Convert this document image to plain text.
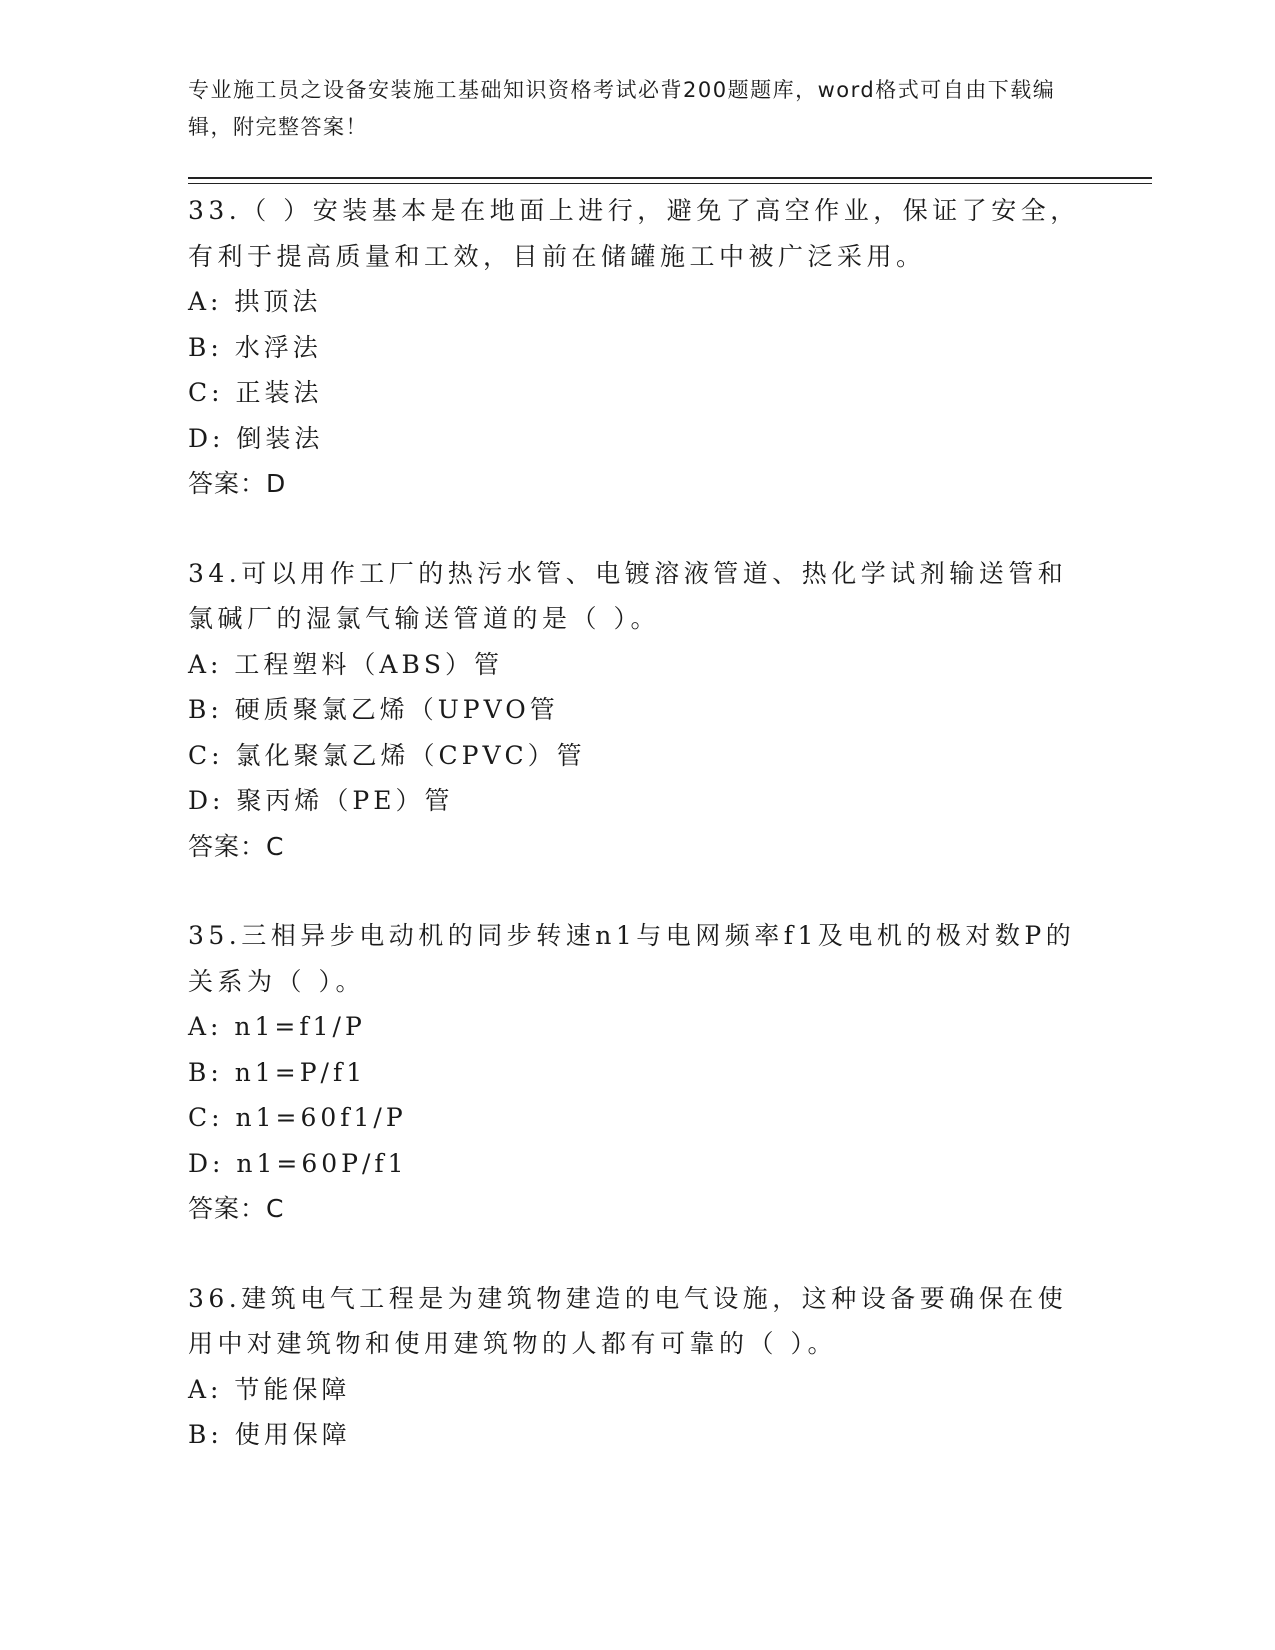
专业施工员之设备安装施工基础知识资格考试必背200题题库，word格式可自由下载编辑，附完整答案！

33.（ ）安装基本是在地面上进行，避免了高空作业，保证了安全，有利于提高质量和工效，目前在储罐施工中被广泛采用。

A: 拱顶法

B: 水浮法

C: 正装法

D: 倒装法

答案：D

34.可以用作工厂的热污水管、电镀溶液管道、热化学试剂输送管和氯碱厂的湿氯气输送管道的是（ ）。

A: 工程塑料（ABS）管

B: 硬质聚氯乙烯（UPVO管

C: 氯化聚氯乙烯（CPVC）管

D: 聚丙烯（PE）管

答案：C

35.三相异步电动机的同步转速n1与电网频率f1及电机的极对数P的关系为（ ）。

A: n1=f1/P

B: n1=P/f1

C: n1=60f1/P

D: n1=60P/f1

答案：C

36.建筑电气工程是为建筑物建造的电气设施，这种设备要确保在使用中对建筑物和使用建筑物的人都有可靠的（ ）。

A: 节能保障

B: 使用保障
